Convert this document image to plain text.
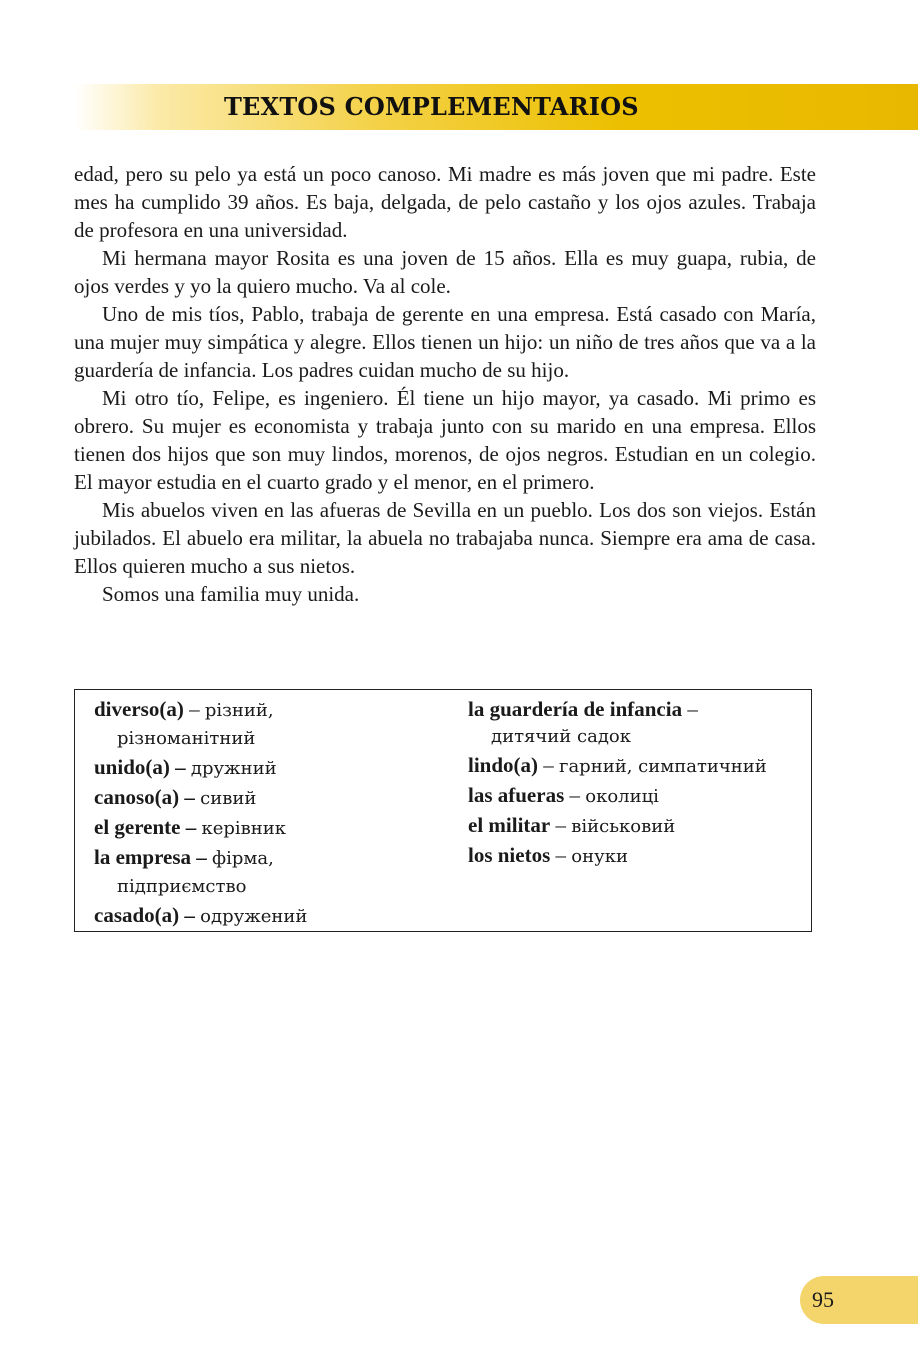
TEXTOS COMPLEMENTARIOS

edad, pero su pelo ya está un poco canoso. Mi madre es más joven que mi padre. Este mes ha cumplido 39 años. Es baja, delgada, de pelo castaño y los ojos azules. Trabaja de profesora en una universidad.

Mi hermana mayor Rosita es una joven de 15 años. Ella es muy guapa, rubia, de ojos verdes y yo la quiero mucho. Va al cole.

Uno de mis tíos, Pablo, trabaja de gerente en una empresa. Está casado con María, una mujer muy simpática y alegre. Ellos tienen un hijo: un niño de tres años que va a la guardería de infancia. Los padres cuidan mucho de su hijo.

Mi otro tío, Felipe, es ingeniero. Él tiene un hijo mayor, ya casado. Mi primo es obrero. Su mujer es economista y trabaja junto con su marido en una empresa. Ellos tienen dos hijos que son muy lindos, morenos, de ojos negros. Estudian en un colegio. El mayor estudia en el cuarto grado y el menor, en el primero.

Mis abuelos viven en las afueras de Sevilla en un pueblo. Los dos son viejos. Están jubilados. El abuelo era militar, la abuela no trabajaba nunca. Siempre era ama de casa. Ellos quieren mucho a sus nietos.

Somos una familia muy unida.

diverso(a) – різний,
різноманітний

unido(a) – дружний

canoso(a) – сивий

el gerente – керівник

la empresa – фірма,
підприємство

casado(a) – одружений

la guardería de infancia –
дитячий садок

lindo(a) – гарний, симпатичний

las afueras – околиці

el militar – військовий

los nietos – онуки

95
